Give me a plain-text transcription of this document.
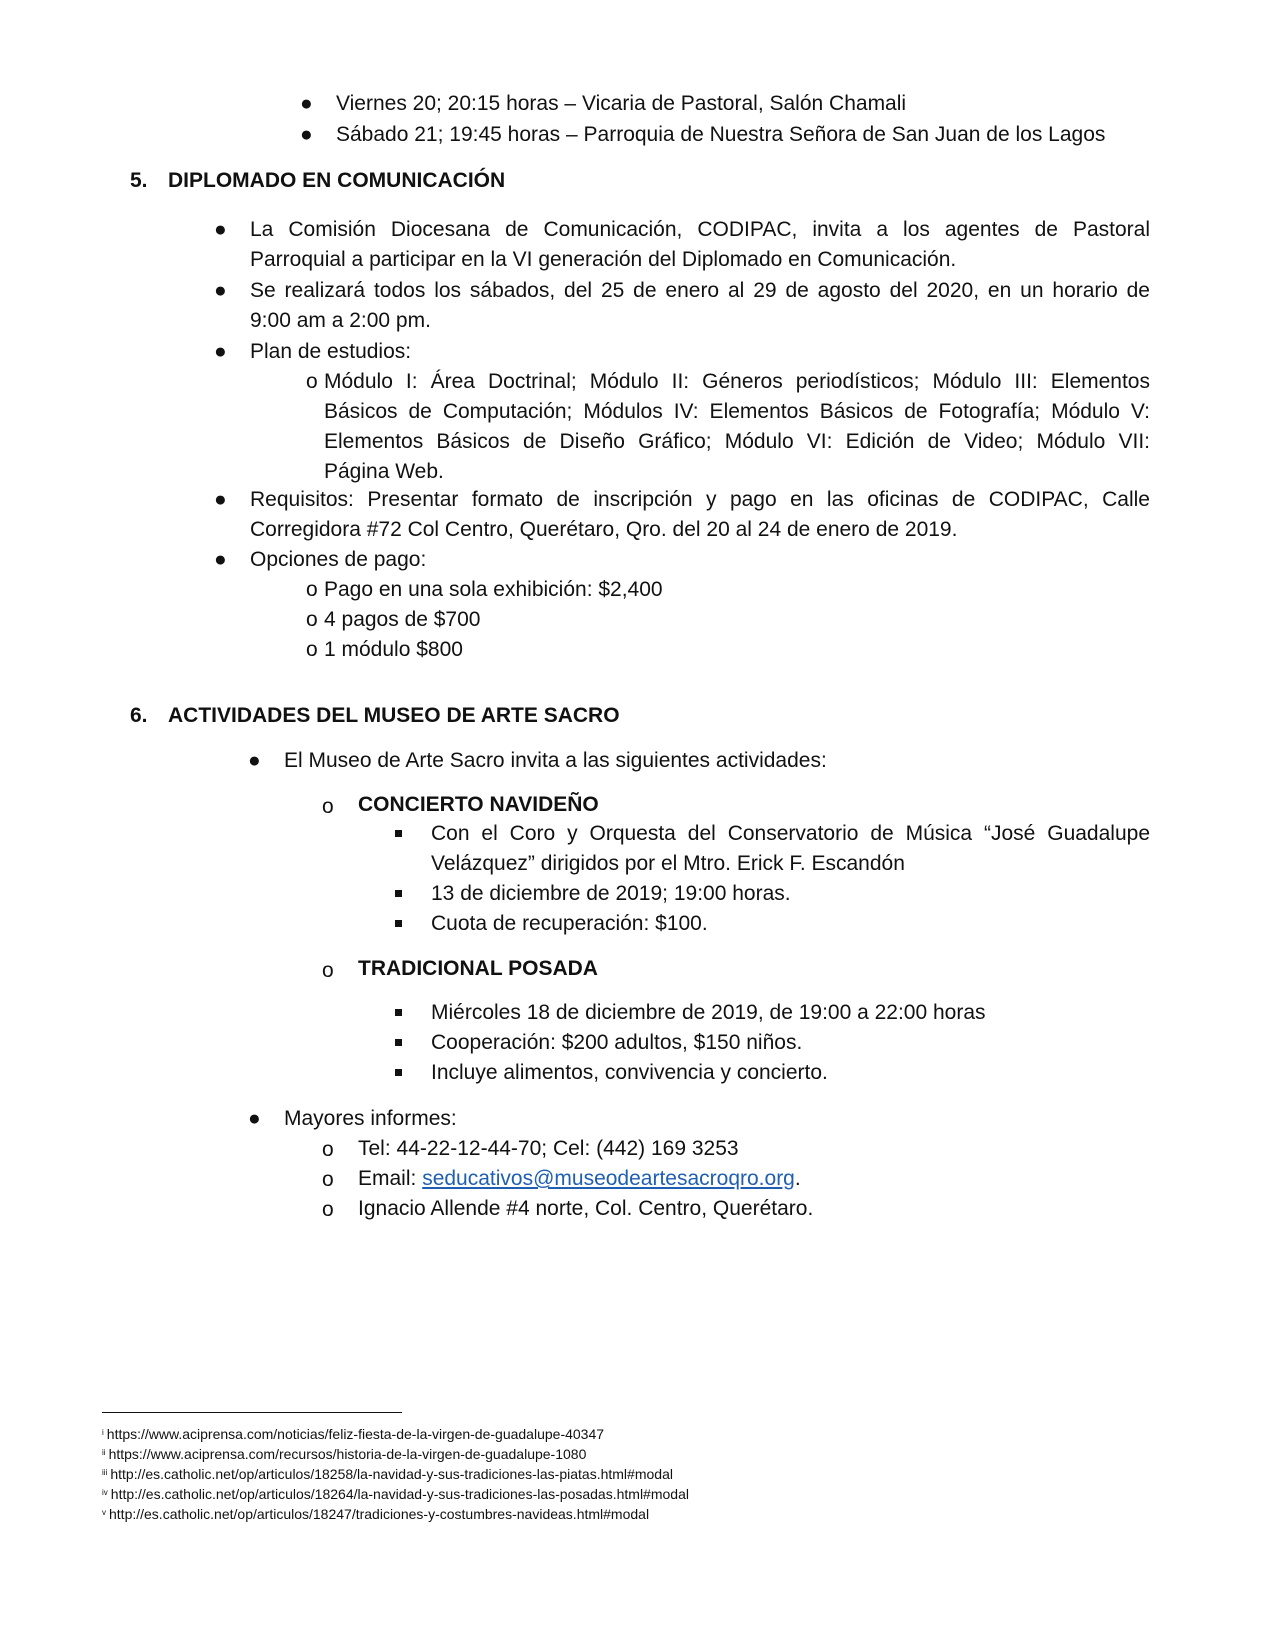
● Viernes 20; 20:15 horas – Vicaria de Pastoral, Salón Chamali
● Sábado 21; 19:45 horas – Parroquia de Nuestra Señora de San Juan de los Lagos
5. DIPLOMADO EN COMUNICACIÓN
● La Comisión Diocesana de Comunicación, CODIPAC, invita a los agentes de Pastoral
Parroquial a participar en la VI generación del Diplomado en Comunicación.
● Se realizará todos los sábados, del 25 de enero al 29 de agosto del 2020, en un horario de
9:00 am a 2:00 pm.
● Plan de estudios:
o Módulo I: Área Doctrinal; Módulo II: Géneros periodísticos; Módulo III: Elementos
Básicos de Computación; Módulos IV: Elementos Básicos de Fotografía; Módulo V:
Elementos Básicos de Diseño Gráfico; Módulo VI: Edición de Video; Módulo VII:
Página Web.
● Requisitos: Presentar formato de inscripción y pago en las oficinas de CODIPAC, Calle
Corregidora #72 Col Centro, Querétaro, Qro. del 20 al 24 de enero de 2019.
● Opciones de pago:
o Pago en una sola exhibición: $2,400
o 4 pagos de $700
o 1 módulo $800
6. ACTIVIDADES DEL MUSEO DE ARTE SACRO
● El Museo de Arte Sacro invita a las siguientes actividades:
o CONCIERTO NAVIDEÑO
Con el Coro y Orquesta del Conservatorio de Música “José Guadalupe
Velázquez” dirigidos por el Mtro. Erick F. Escandón
13 de diciembre de 2019; 19:00 horas.
Cuota de recuperación: $100.
o TRADICIONAL POSADA
Miércoles 18 de diciembre de 2019, de 19:00 a 22:00 horas
Cooperación: $200 adultos, $150 niños.
Incluye alimentos, convivencia y concierto.
● Mayores informes:
o Tel: 44-22-12-44-70; Cel: (442) 169 3253
o Email: seducativos@museodeartesacroqro.org.
o Ignacio Allende #4 norte, Col. Centro, Querétaro.
$^i$ https://www.aciprensa.com/noticias/feliz-fiesta-de-la-virgen-de-guadalupe-40347
$^{ii}$ https://www.aciprensa.com/recursos/historia-de-la-virgen-de-guadalupe-1080
$^{iii}$ http://es.catholic.net/op/articulos/18258/la-navidad-y-sus-tradiciones-las-piatas.html#modal
$^{iv}$ http://es.catholic.net/op/articulos/18264/la-navidad-y-sus-tradiciones-las-posadas.html#modal
$^v$ http://es.catholic.net/op/articulos/18247/tradiciones-y-costumbres-navideas.html#modal
